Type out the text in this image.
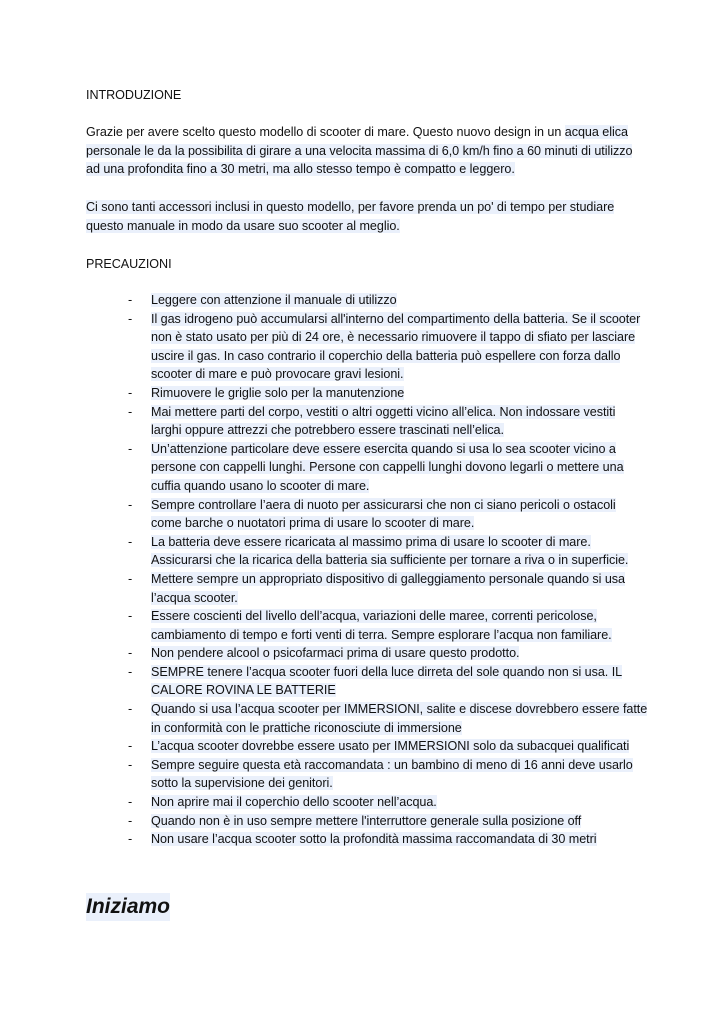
INTRODUZIONE

Grazie per avere scelto questo modello di scooter di mare. Questo nuovo design in un acqua elica personale le da la possibilita di girare a una velocita massima di 6,0 km/h fino a 60 minuti di utilizzo ad una profondita fino a 30 metri, ma allo stesso tempo è compatto e leggero.

Ci sono tanti accessori inclusi in questo modello, per favore prenda un po' di tempo per studiare questo manuale in modo da usare suo scooter al meglio.

PRECAUZIONI
- Leggere con attenzione il manuale di utilizzo
- Il gas idrogeno può accumularsi all'interno del compartimento della batteria. Se il scooter non è stato usato per più di 24 ore, è necessario rimuovere il tappo di sfiato per lasciare uscire il gas. In caso contrario il coperchio della batteria può espellere con forza dallo scooter di mare e può provocare gravi lesioni.
- Rimuovere le griglie solo per la manutenzione
- Mai mettere parti del corpo, vestiti o altri oggetti vicino all’elica. Non indossare vestiti larghi oppure attrezzi che potrebbero essere trascinati nell’elica.
- Un’attenzione particolare deve essere esercita quando si usa lo sea scooter vicino a persone con cappelli lunghi. Persone con cappelli lunghi dovono legarli o mettere una cuffia quando usano lo scooter di mare.
- Sempre controllare l’aera di nuoto per assicurarsi che non ci siano pericoli o ostacoli come barche o nuotatori prima di usare lo scooter di mare.
- La batteria deve essere ricaricata al massimo prima di usare lo scooter di mare. Assicurarsi che la ricarica della batteria sia sufficiente per tornare a riva o in superficie.
- Mettere sempre un appropriato dispositivo di galleggiamento personale quando si usa l’acqua scooter.
- Essere coscienti del livello dell’acqua, variazioni delle maree, correnti pericolose, cambiamento di tempo e forti venti di terra. Sempre esplorare l’acqua non familiare.
- Non pendere alcool o psicofarmaci prima di usare questo prodotto.
- SEMPRE tenere l’acqua scooter fuori della luce dirreta del sole quando non si usa. IL CALORE ROVINA LE BATTERIE
- Quando si usa l’acqua scooter per IMMERSIONI, salite e discese dovrebbero essere fatte in conformità con le prattiche riconosciute di immersione
- L’acqua scooter dovrebbe essere usato per IMMERSIONI solo da subacquei qualificati
- Sempre seguire questa età raccomandata : un bambino di meno di 16 anni deve usarlo sotto la supervisione dei genitori.
- Non aprire mai il coperchio dello scooter nell’acqua.
- Quando non è in uso sempre mettere l'interruttore generale sulla posizione off
- Non usare l’acqua scooter sotto la profondità massima raccomandata di 30 metri
Iniziamo
